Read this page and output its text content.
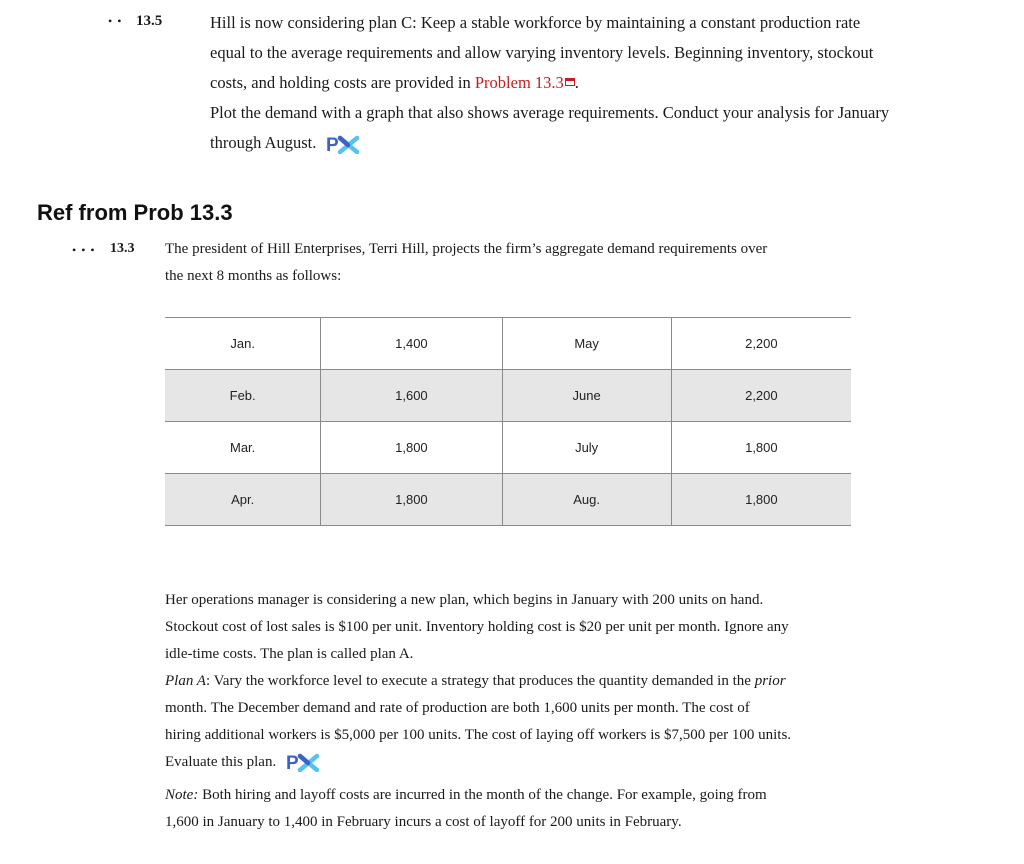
• • 13.5	Hill is now considering plan C: Keep a stable workforce by maintaining a constant production rate

equal to the average requirements and allow varying inventory levels. Beginning inventory, stockout

costs, and holding costs are provided in Problem 13.3 .

Plot the demand with a graph that also shows average requirements. Conduct your analysis for January

through August. P

Ref from Prob 13.3
• • • 13.3 The president of Hill Enterprises, Terri Hill, projects the firm’s aggregate demand requirements over

the next 8 months as follows:

Jan.	1,400	May	2,200
Feb.	1,600	June	2,200
Mar.	1,800	July	1,800
Apr.	1,800	Aug.	1,800

Her operations manager is considering a new plan, which begins in January with 200 units on hand.

Stockout cost of lost sales is $100 per unit. Inventory holding cost is $20 per unit per month. Ignore any

idle-time costs. The plan is called plan A.

Plan A: Vary the workforce level to execute a strategy that produces the quantity demanded in the prior

month. The December demand and rate of production are both 1,600 units per month. The cost of

hiring additional workers is $5,000 per 100 units. The cost of laying off workers is $7,500 per 100 units.

Evaluate this plan. P

Note: Both hiring and layoff costs are incurred in the month of the change. For example, going from

1,600 in January to 1,400 in February incurs a cost of layoff for 200 units in February.
